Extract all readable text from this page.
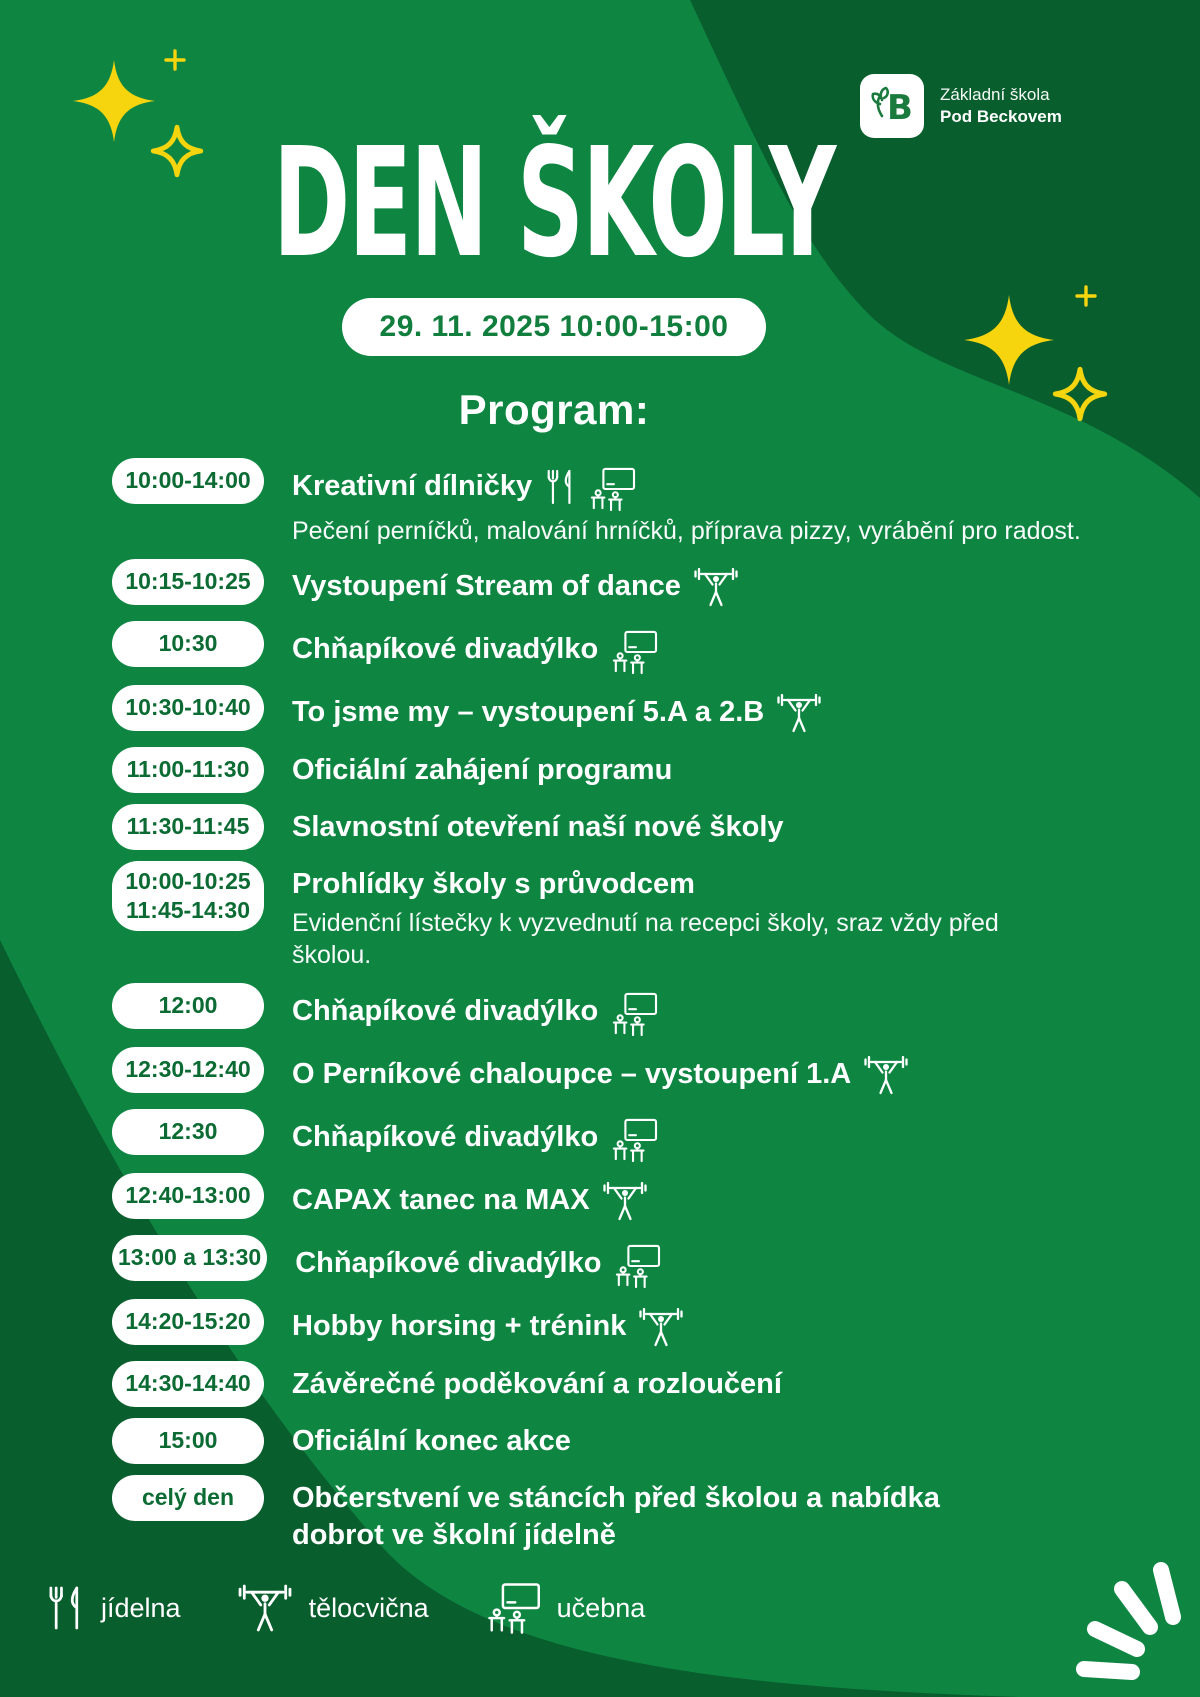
B Základní škola
Pod Beckovem
DEN ŠKOLY
29. 11. 2025 10:00-15:00
Program:
10:00-14:00 Kreativní dílničky
Pečení perníčků, malování hrníčků, příprava pizzy, vyrábění pro radost.
10:15-10:25 Vystoupení Stream of dance
10:30	Chňapíkové divadýlko
10:30-10:40 To jsme my – vystoupení 5.A a 2.B
11:00-11:30 Oficiální zahájení programu
11:30-11:45 Slavnostní otevření naší nové školy
10:00-10:25
11:45-14:30
Prohlídky školy s průvodcem
Evidenční lístečky k vyzvednutí na recepci školy, sraz vždy před školou.
12:00	Chňapíkové divadýlko
12:30-12:40 O Perníkové chaloupce – vystoupení 1.A
12:30	Chňapíkové divadýlko
12:40-13:00 CAPAX tanec na MAX
13:00 a 13:30 Chňapíkové divadýlko
14:20-15:20 Hobby horsing + trénink
14:30-14:40 Závěrečné poděkování a rozloučení
15:00	Oficiální konec akce
celý den Občerstvení ve stáncích před školou a nabídka dobrot ve školní jídelně
jídelna	tělocvična	učebna
